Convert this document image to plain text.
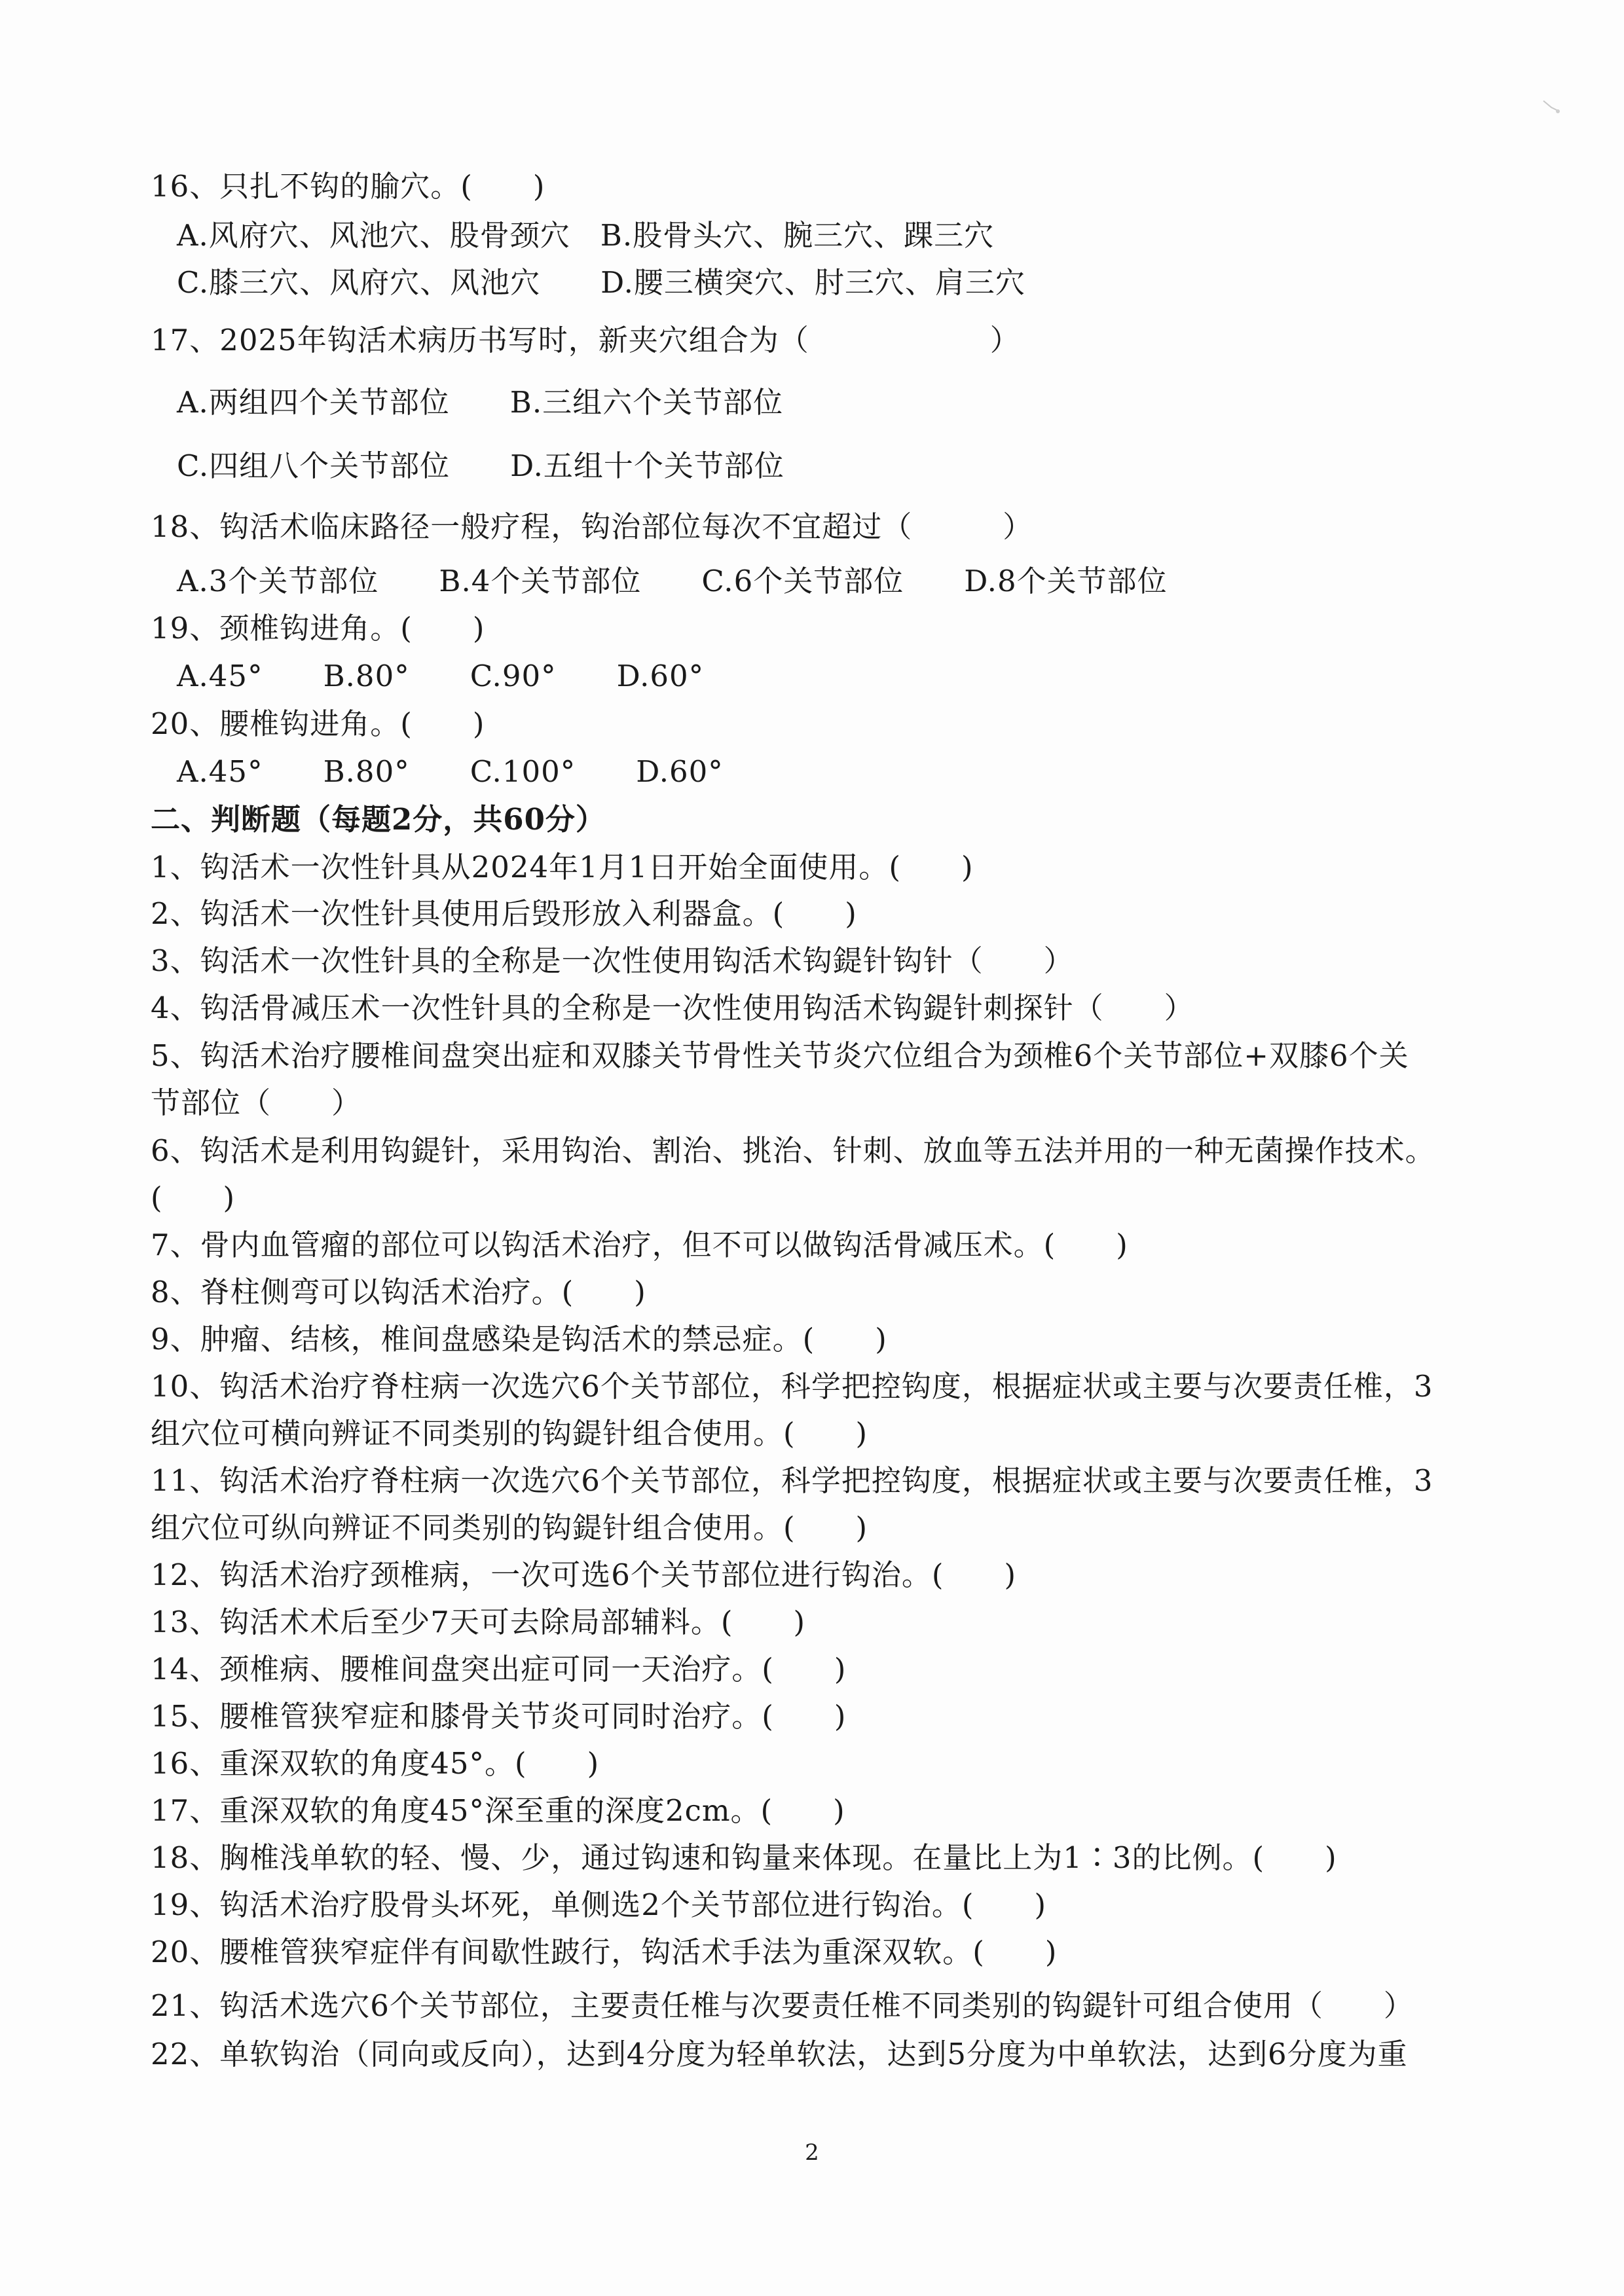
16、只扎不钩的腧穴。(　　)
A.风府穴、风池穴、股骨颈穴　B.股骨头穴、腕三穴、踝三穴
C.膝三穴、风府穴、风池穴　　D.腰三横突穴、肘三穴、肩三穴
17、2025年钩活术病历书写时，新夹穴组合为（　　　　　　）
A.两组四个关节部位　　B.三组六个关节部位
C.四组八个关节部位　　D.五组十个关节部位
18、钩活术临床路径一般疗程，钩治部位每次不宜超过（　　　）
A.3个关节部位　　B.4个关节部位　　C.6个关节部位　　D.8个关节部位
19、颈椎钩进角。(　　)
A.45°　　B.80°　　C.90°　　D.60°
20、腰椎钩进角。(　　)
A.45°　　B.80°　　C.100°　　D.60°
二、判断题（每题2分，共60分）
1、钩活术一次性针具从2024年1月1日开始全面使用。(　　)
2、钩活术一次性针具使用后毁形放入利器盒。(　　)
3、钩活术一次性针具的全称是一次性使用钩活术钩鍉针钩针（　　）
4、钩活骨减压术一次性针具的全称是一次性使用钩活术钩鍉针刺探针（　　）
5、钩活术治疗腰椎间盘突出症和双膝关节骨性关节炎穴位组合为颈椎6个关节部位+双膝6个关
节部位（　　）
6、钩活术是利用钩鍉针，采用钩治、割治、挑治、针刺、放血等五法并用的一种无菌操作技术。
(　　)
7、骨内血管瘤的部位可以钩活术治疗，但不可以做钩活骨减压术。(　　)
8、脊柱侧弯可以钩活术治疗。(　　)
9、肿瘤、结核，椎间盘感染是钩活术的禁忌症。(　　)
10、钩活术治疗脊柱病一次选穴6个关节部位，科学把控钩度，根据症状或主要与次要责任椎，3
组穴位可横向辨证不同类别的钩鍉针组合使用。(　　)
11、钩活术治疗脊柱病一次选穴6个关节部位，科学把控钩度，根据症状或主要与次要责任椎，3
组穴位可纵向辨证不同类别的钩鍉针组合使用。(　　)
12、钩活术治疗颈椎病，一次可选6个关节部位进行钩治。(　　)
13、钩活术术后至少7天可去除局部辅料。(　　)
14、颈椎病、腰椎间盘突出症可同一天治疗。(　　)
15、腰椎管狭窄症和膝骨关节炎可同时治疗。(　　)
16、重深双软的角度45°。(　　)
17、重深双软的角度45°深至重的深度2cm。(　　)
18、胸椎浅单软的轻、慢、少，通过钩速和钩量来体现。在量比上为1∶3的比例。(　　)
19、钩活术治疗股骨头坏死，单侧选2个关节部位进行钩治。(　　)
20、腰椎管狭窄症伴有间歇性跛行，钩活术手法为重深双软。(　　)
21、钩活术选穴6个关节部位，主要责任椎与次要责任椎不同类别的钩鍉针可组合使用（　　）
22、单软钩治（同向或反向），达到4分度为轻单软法，达到5分度为中单软法，达到6分度为重
2
